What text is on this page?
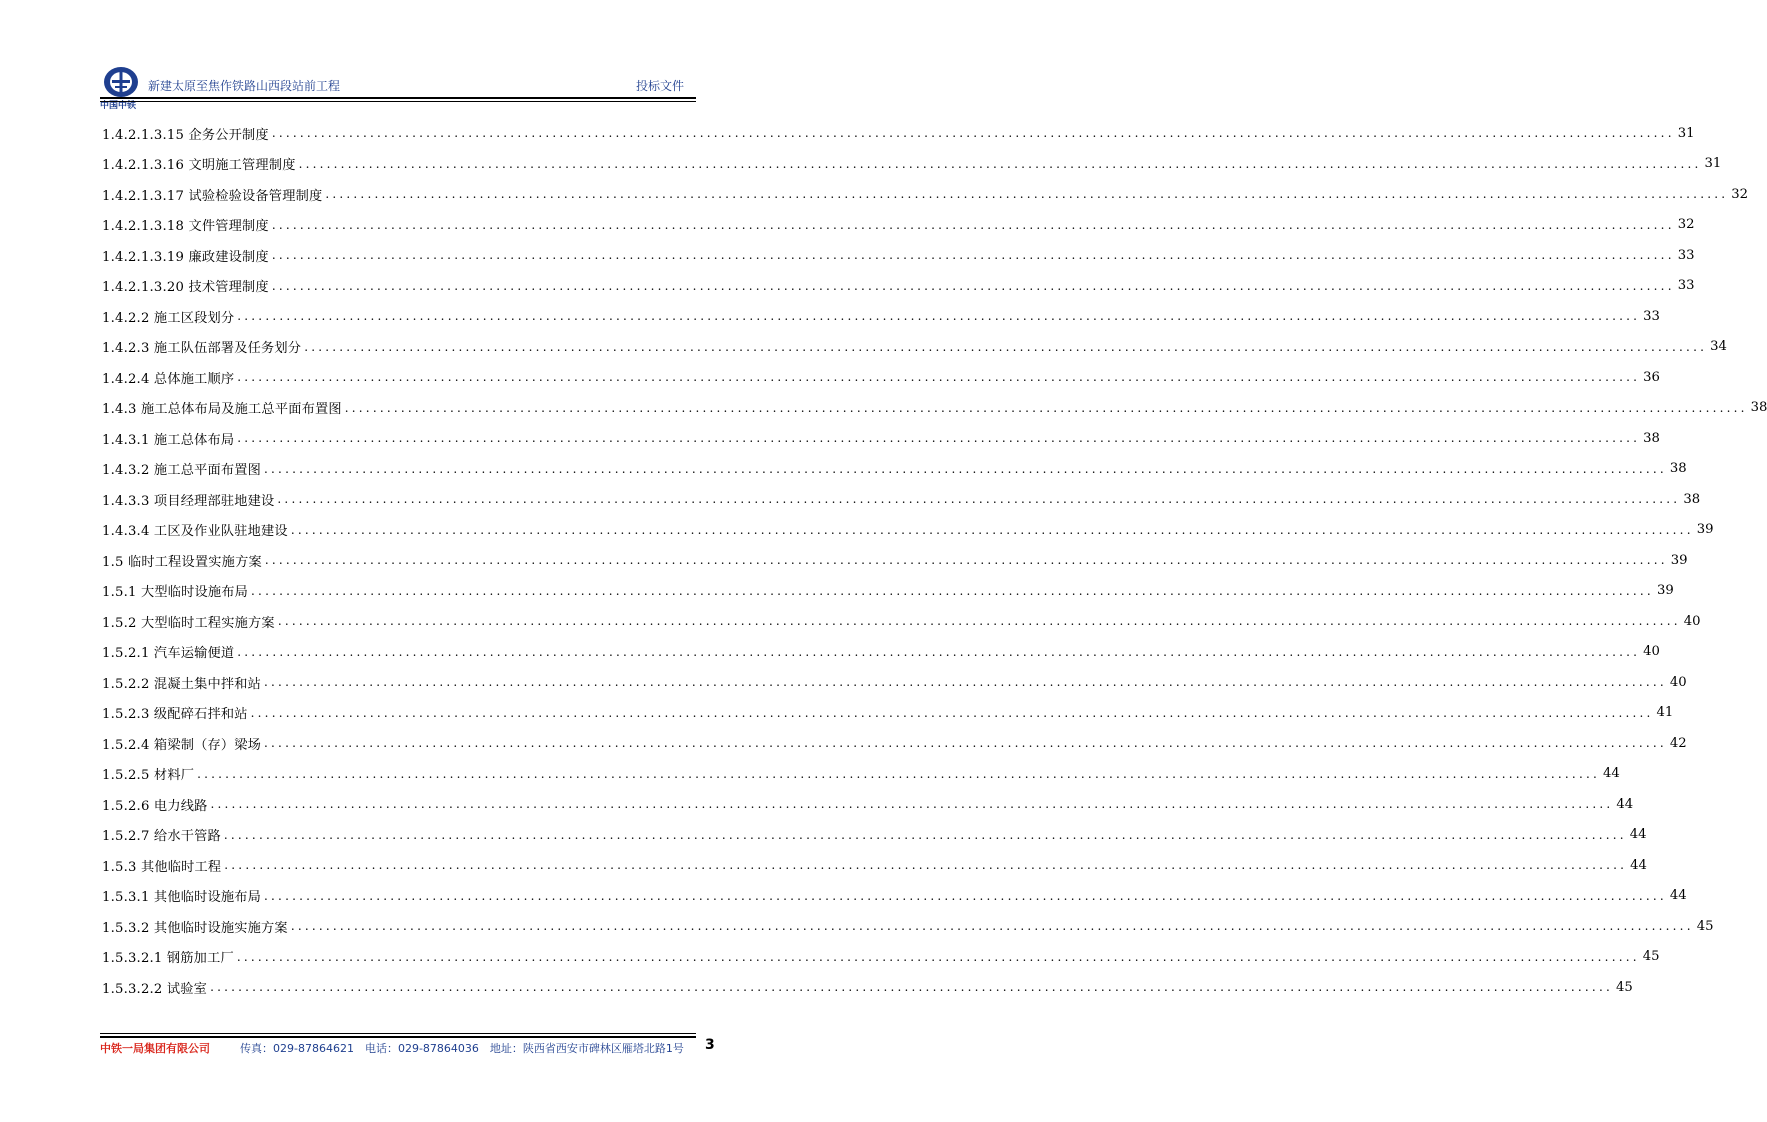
中国中铁
新建太原至焦作铁路山西段站前工程	投标文件
1.4.2.1.3.15 企务公开制度 ........................................................................................................................................................................................................ 31
1.4.2.1.3.16 文明施工管理制度 ........................................................................................................................................................................................................ 31
1.4.2.1.3.17 试验检验设备管理制度 ........................................................................................................................................................................................................ 32
1.4.2.1.3.18 文件管理制度 ........................................................................................................................................................................................................ 32
1.4.2.1.3.19 廉政建设制度 ........................................................................................................................................................................................................ 33
1.4.2.1.3.20 技术管理制度 ........................................................................................................................................................................................................ 33
1.4.2.2 施工区段划分 ........................................................................................................................................................................................................ 33
1.4.2.3 施工队伍部署及任务划分 ........................................................................................................................................................................................................ 34
1.4.2.4 总体施工顺序 ........................................................................................................................................................................................................ 36
1.4.3 施工总体布局及施工总平面布置图 ........................................................................................................................................................................................................ 38
1.4.3.1 施工总体布局 ........................................................................................................................................................................................................ 38
1.4.3.2 施工总平面布置图 ........................................................................................................................................................................................................ 38
1.4.3.3 项目经理部驻地建设 ........................................................................................................................................................................................................ 38
1.4.3.4 工区及作业队驻地建设 ........................................................................................................................................................................................................ 39
1.5 临时工程设置实施方案 ........................................................................................................................................................................................................ 39
1.5.1 大型临时设施布局 ........................................................................................................................................................................................................ 39
1.5.2 大型临时工程实施方案 ........................................................................................................................................................................................................ 40
1.5.2.1 汽车运输便道 ........................................................................................................................................................................................................ 40
1.5.2.2 混凝土集中拌和站 ........................................................................................................................................................................................................ 40
1.5.2.3 级配碎石拌和站 ........................................................................................................................................................................................................ 41
1.5.2.4 箱梁制（存）梁场 ........................................................................................................................................................................................................ 42
1.5.2.5 材料厂 ........................................................................................................................................................................................................ 44
1.5.2.6 电力线路 ........................................................................................................................................................................................................ 44
1.5.2.7 给水干管路 ........................................................................................................................................................................................................ 44
1.5.3 其他临时工程 ........................................................................................................................................................................................................ 44
1.5.3.1 其他临时设施布局 ........................................................................................................................................................................................................ 44
1.5.3.2 其他临时设施实施方案 ........................................................................................................................................................................................................ 45
1.5.3.2.1 钢筋加工厂 ........................................................................................................................................................................................................ 45
1.5.3.2.2 试验室 ........................................................................................................................................................................................................ 45
中铁一局集团有限公司	传真：029-87864621　电话：029-87864036　地址：陕西省西安市碑林区雁塔北路1号 3
